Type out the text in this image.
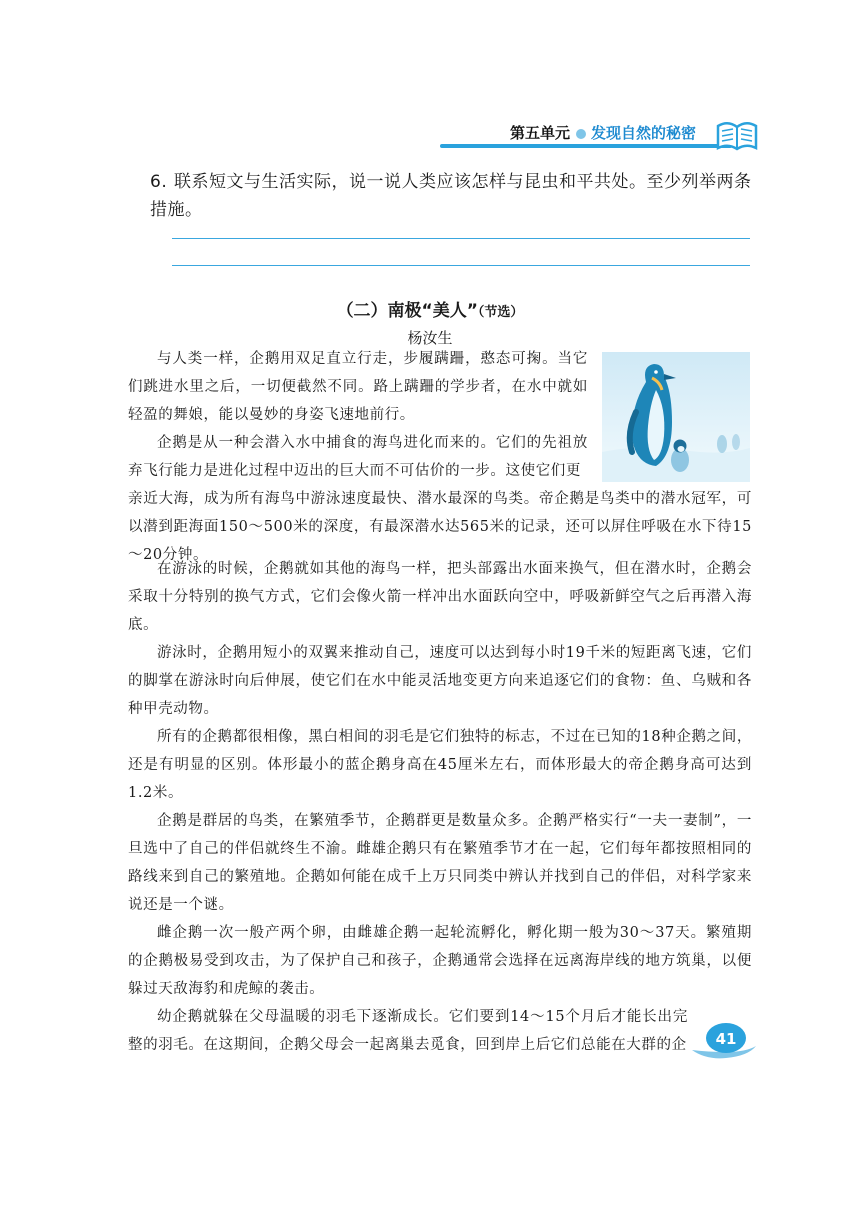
第五单元 发现自然的秘密
6. 联系短文与生活实际，说一说人类应该怎样与昆虫和平共处。至少列举两条措施。
（二）南极“美人”（节选）
杨汝生

与人类一样，企鹅用双足直立行走，步履蹒跚，憨态可掬。当它们跳进水里之后，一切便截然不同。路上蹒跚的学步者，在水中就如轻盈的舞娘，能以曼妙的身姿飞速地前行。

企鹅是从一种会潜入水中捕食的海鸟进化而来的。它们的先祖放弃飞行能力是进化过程中迈出的巨大而不可估价的一步。这使它们更
亲近大海，成为所有海鸟中游泳速度最快、潜水最深的鸟类。帝企鹅是鸟类中的潜水冠军，可以潜到距海面150～500米的深度，有最深潜水达565米的记录，还可以屏住呼吸在水下待15～20分钟。

在游泳的时候，企鹅就如其他的海鸟一样，把头部露出水面来换气，但在潜水时，企鹅会采取十分特别的换气方式，它们会像火箭一样冲出水面跃向空中，呼吸新鲜空气之后再潜入海底。

游泳时，企鹅用短小的双翼来推动自己，速度可以达到每小时19千米的短距离飞速，它们的脚掌在游泳时向后伸展，使它们在水中能灵活地变更方向来追逐它们的食物：鱼、乌贼和各种甲壳动物。

所有的企鹅都很相像，黑白相间的羽毛是它们独特的标志，不过在已知的18种企鹅之间，还是有明显的区别。体形最小的蓝企鹅身高在45厘米左右，而体形最大的帝企鹅身高可达到1.2米。

企鹅是群居的鸟类，在繁殖季节，企鹅群更是数量众多。企鹅严格实行“一夫一妻制”，一旦选中了自己的伴侣就终生不渝。雌雄企鹅只有在繁殖季节才在一起，它们每年都按照相同的路线来到自己的繁殖地。企鹅如何能在成千上万只同类中辨认并找到自己的伴侣，对科学家来说还是一个谜。

雌企鹅一次一般产两个卵，由雌雄企鹅一起轮流孵化，孵化期一般为30～37天。繁殖期的企鹅极易受到攻击，为了保护自己和孩子，企鹅通常会选择在远离海岸线的地方筑巢，以便躲过天敌海豹和虎鲸的袭击。

幼企鹅就躲在父母温暖的羽毛下逐渐成长。它们要到14～15个月后才能长出完整的羽毛。在这期间，企鹅父母会一起离巢去觅食，回到岸上后它们总能在大群的企 41
